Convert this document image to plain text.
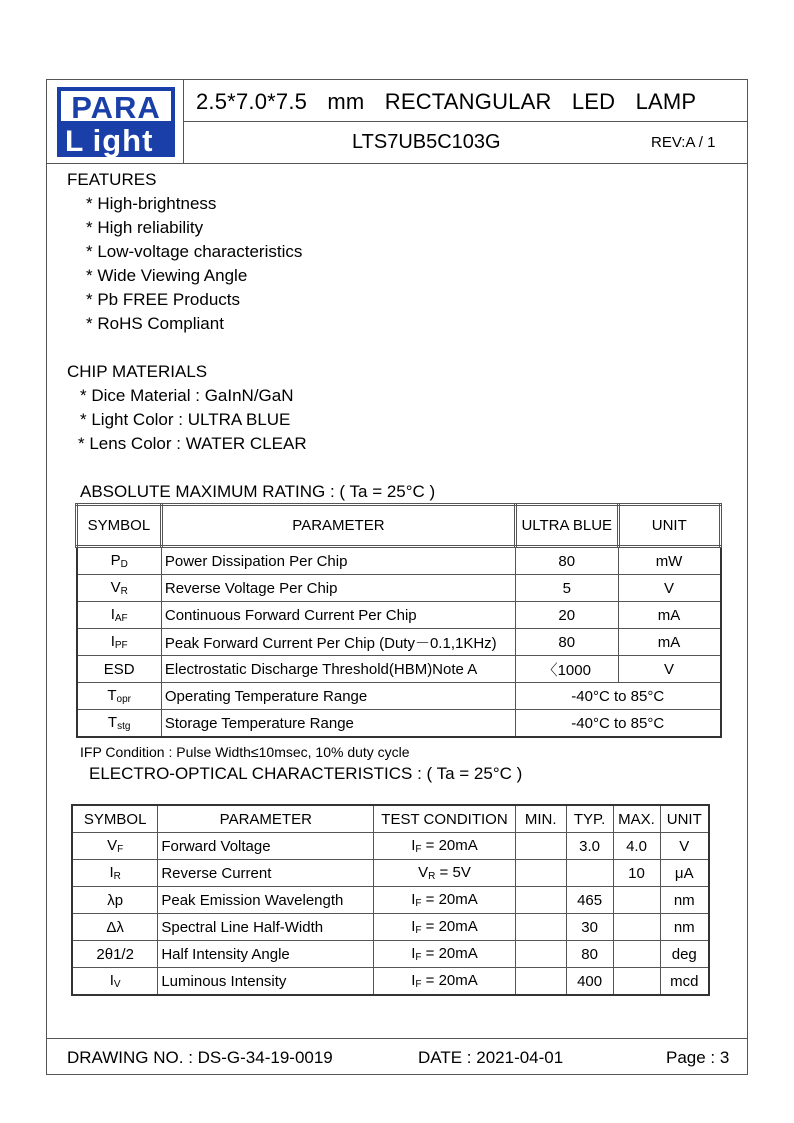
PARA
L ight
2.5*7.0*7.5 mm RECTANGULAR LED LAMP
LTS7UB5C103G	REV:A / 1
FEATURES
* High-brightness
* High reliability
* Low-voltage characteristics
* Wide Viewing Angle
* Pb FREE Products
* RoHS Compliant
CHIP MATERIALS
* Dice Material : GaInN/GaN
* Light Color : ULTRA BLUE
* Lens Color : WATER CLEAR
ABSOLUTE MAXIMUM RATING : ( Ta = 25°C )
SYMBOL	PARAMETER	ULTRA BLUE	UNIT
$P_D$	Power Dissipation Per Chip	80	mW
$V_R$	Reverse Voltage Per Chip	5	V
$I_{AF}$	Continuous Forward Current Per Chip	20	mA
$I_{PF}$	Peak Forward Current Per Chip (Duty－0.1,1KHz)	80	mA
ESD	Electrostatic Discharge Threshold(HBM)Note A	〈1000	V
$T_{opr}$	Operating Temperature Range	-40°C to 85°C	
$T_{stg}$	Storage Temperature Range	-40°C to 85°C	
IFP Condition : Pulse Width≤10msec, 10% duty cycle
ELECTRO-OPTICAL CHARACTERISTICS : ( Ta = 25°C )
SYMBOL	PARAMETER	TEST CONDITION	MIN.	TYP.	MAX.	UNIT
$V_F$	Forward Voltage	$I_F = 20mA$		3.0	4.0	V
$I_R$	Reverse Current	$V_R = 5V$			10	μA
λp	Peak Emission Wavelength	$I_F = 20mA$		465		nm
Δλ	Spectral Line Half-Width	$I_F = 20mA$		30		nm
2θ1/2	Half Intensity Angle	$I_F = 20mA$		80		deg
$I_V$	Luminous Intensity	$I_F = 20mA$		400		mcd
DRAWING NO. : DS-G-34-19-0019	DATE : 2021-04-01	Page : 3
